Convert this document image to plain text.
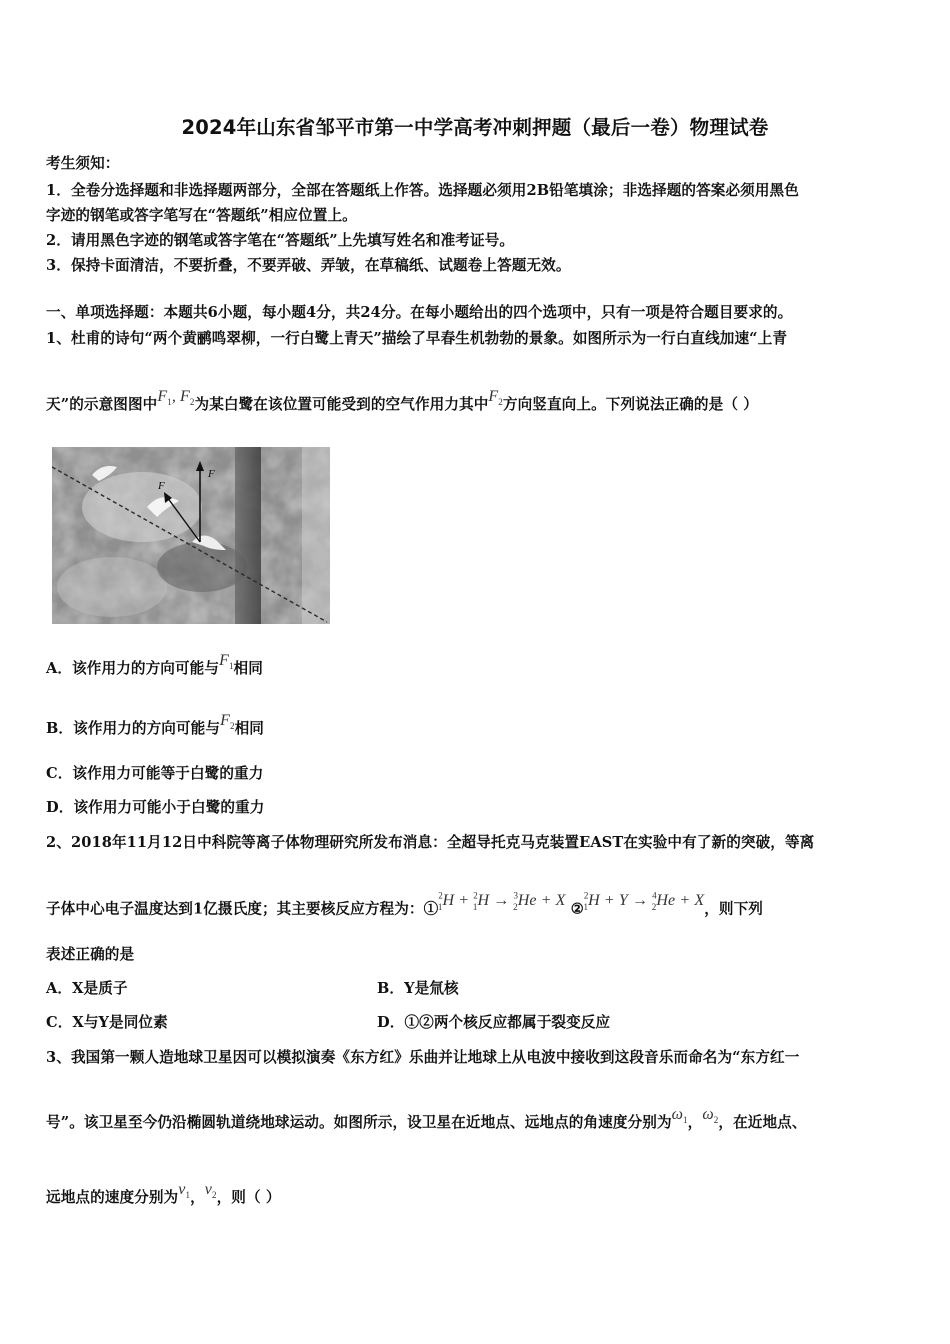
2024年山东省邹平市第一中学高考冲刺押题（最后一卷）物理试卷
考生须知：
1．全卷分选择题和非选择题两部分，全部在答题纸上作答。选择题必须用2B铅笔填涂；非选择题的答案必须用黑色
字迹的钢笔或答字笔写在“答题纸”相应位置上。
2．请用黑色字迹的钢笔或答字笔在“答题纸”上先填写姓名和准考证号。
3．保持卡面清洁，不要折叠，不要弄破、弄皱，在草稿纸、试题卷上答题无效。
一、单项选择题：本题共6小题，每小题4分，共24分。在每小题给出的四个选项中，只有一项是符合题目要求的。
1、杜甫的诗句“两个黄鹂鸣翠柳，一行白鹭上青天”描绘了早春生机勃勃的景象。如图所示为一行白直线加速“上青
天”的示意图图中$F_1$, $F_2$为某白鹭在该位置可能受到的空气作用力其中$F_2$方向竖直向上。下列说法正确的是（ ）
F
F
A．该作用力的方向可能与$F_1$相同
B．该作用力的方向可能与$F_2$相同
C．该作用力可能等于白鹭的重力
D．该作用力可能小于白鹭的重力
2、2018年11月12日中科院等离子体物理研究所发布消息：全超导托克马克装置EAST在实验中有了新的突破，等离
子体中心电子温度达到1亿摄氏度；其主要核反应方程为：①$^2_1$H + $^2_1$H → $^3_2$He + X ②$^2_1$H + Y → $^4_2$He + X，则下列
表述正确的是
A．X是质子	B．Y是氚核
C．X与Y是同位素	D．①②两个核反应都属于裂变反应
3、我国第一颗人造地球卫星因可以模拟演奏《东方红》乐曲并让地球上从电波中接收到这段音乐而命名为“东方红一
号”。该卫星至今仍沿椭圆轨道绕地球运动。如图所示，设卫星在近地点、远地点的角速度分别为$\omega_1$，$\omega_2$，在近地点、
远地点的速度分别为$v_1$，$v_2$，则（ ）
